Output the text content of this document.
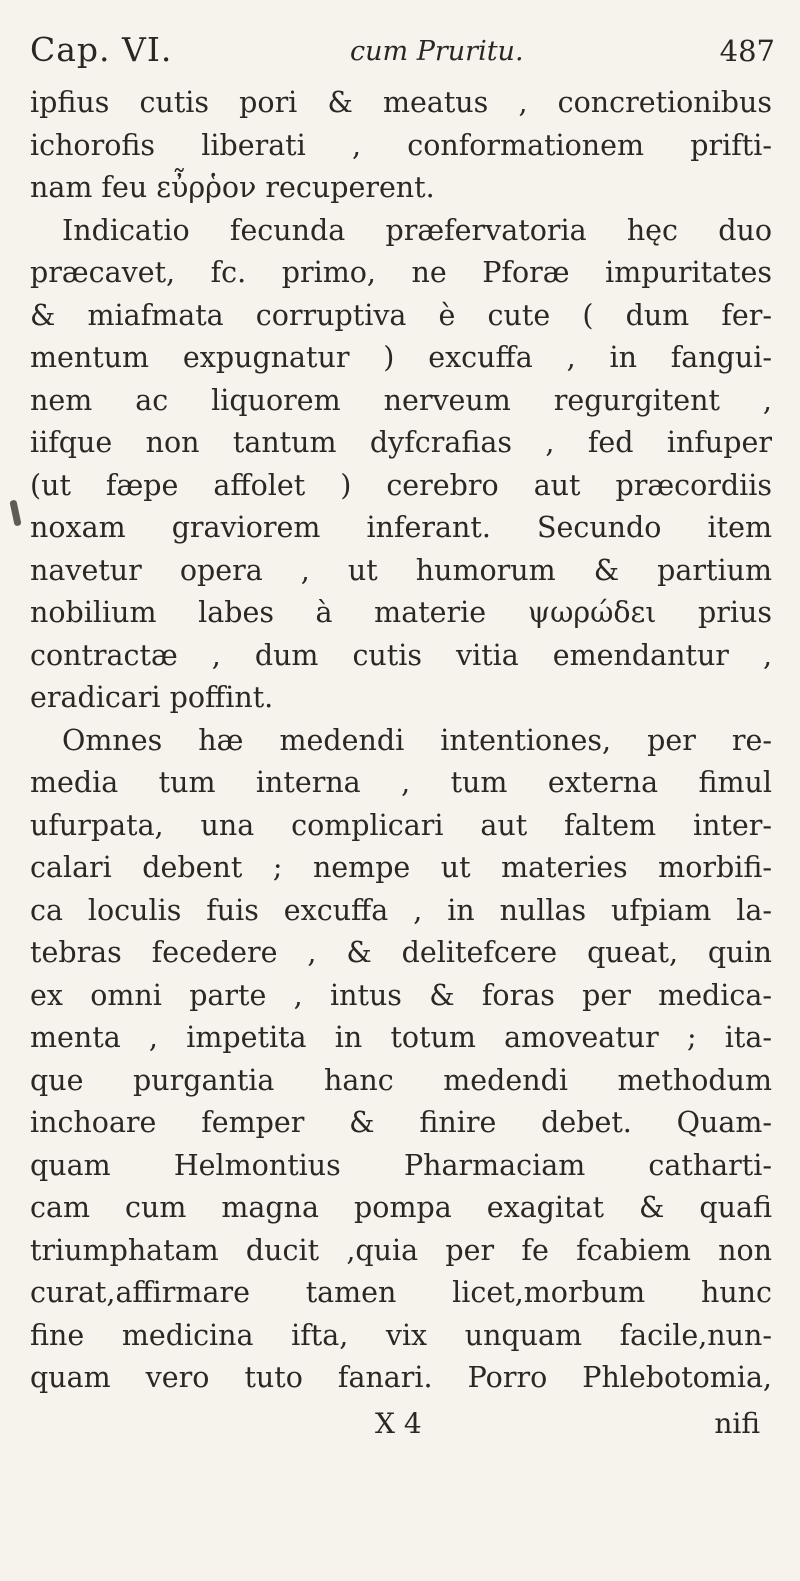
Cap. VI.	cum Pruritu.	487
ipfius cutis pori & meatus , concretionibus
ichorofis liberati , conformationem prifti-
nam feu εὖρῥον recuperent.
Indicatio fecunda præfervatoria hęc duo
præcavet, fc. primo, ne Pforæ impuritates
& miafmata corruptiva è cute ( dum fer-
mentum expugnatur ) excuffa , in fangui-
nem ac liquorem nerveum regurgitent ,
iifque non tantum dyfcrafias , fed infuper
(ut fæpe affolet ) cerebro aut præcordiis
noxam graviorem inferant. Secundo item
navetur opera , ut humorum & partium
nobilium labes à materie ψωρώδει prius
contractæ , dum cutis vitia emendantur ,
eradicari poffint.
Omnes hæ medendi intentiones, per re-
media tum interna , tum externa fimul
ufurpata, una complicari aut faltem inter-
calari debent ; nempe ut materies morbifi-
ca loculis fuis excuffa , in nullas ufpiam la-
tebras fecedere , & delitefcere queat, quin
ex omni parte , intus & foras per medica-
menta , impetita in totum amoveatur ; ita-
que purgantia hanc medendi methodum
inchoare femper & finire debet. Quam-
quam Helmontius Pharmaciam catharti-
cam cum magna pompa exagitat & quafi
triumphatam ducit ,quia per fe fcabiem non
curat,affirmare tamen licet,morbum hunc
fine medicina ifta, vix unquam facile,nun-
quam vero tuto fanari. Porro Phlebotomia,
X 4	nifi
